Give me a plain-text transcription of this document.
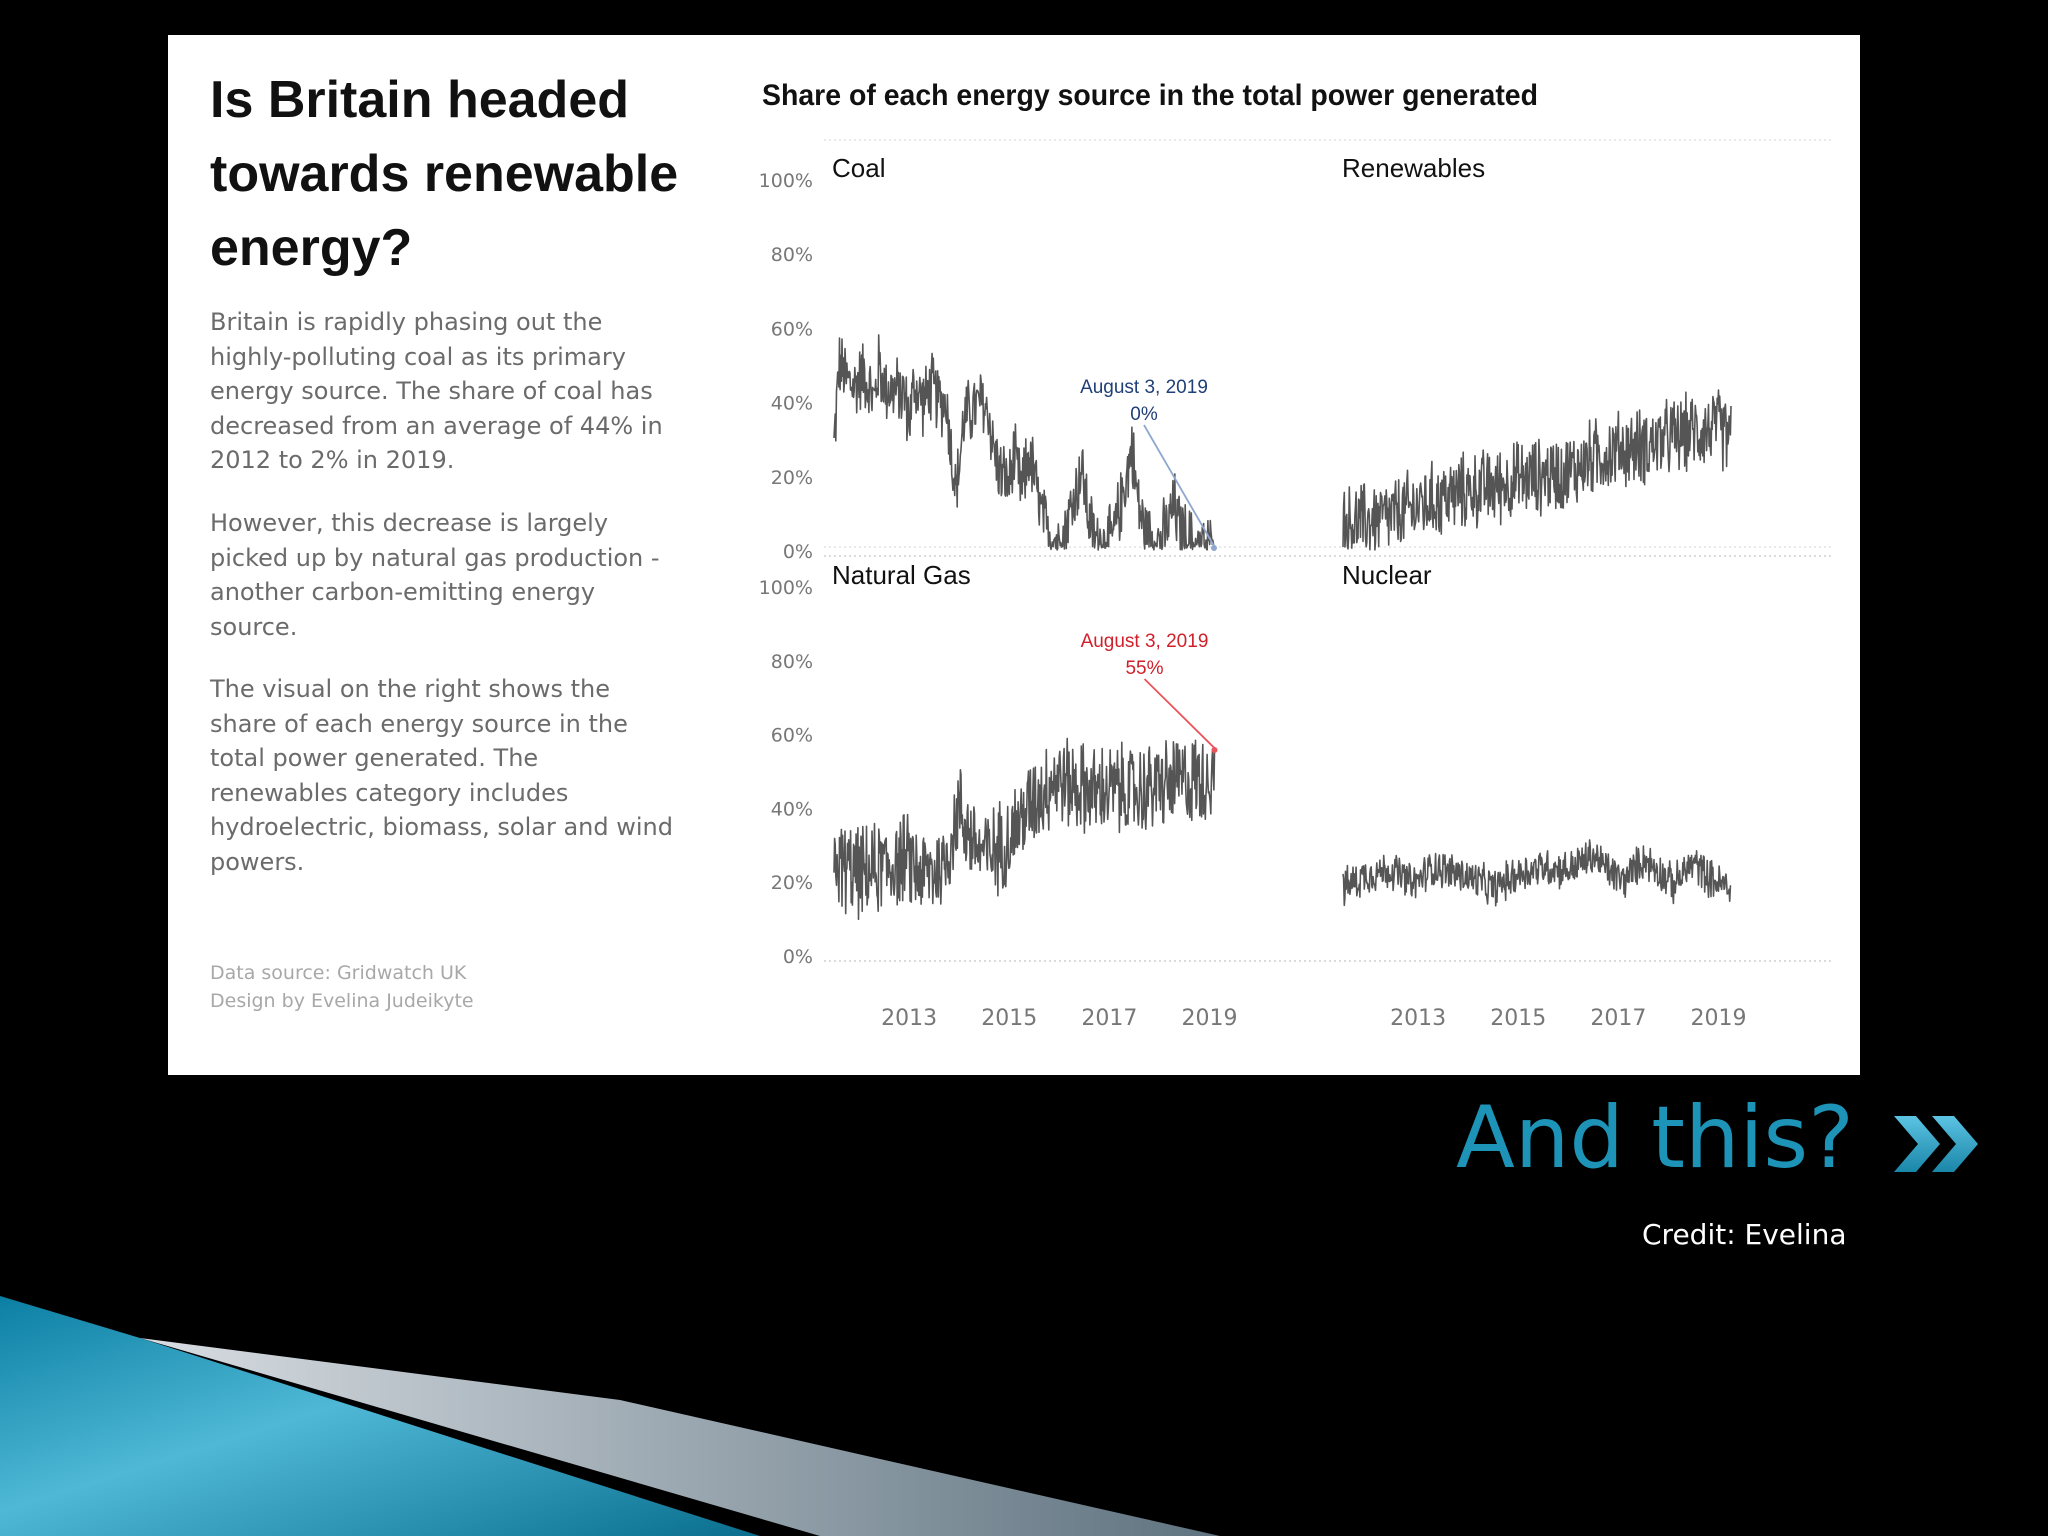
Is Britain headed towards renewable energy?

Britain is rapidly phasing out the highly-polluting coal as its primary energy source. The share of coal has decreased from an average of 44% in 2012 to 2% in 2019.

However, this decrease is largely picked up by natural gas production - another carbon-emitting energy source.

The visual on the right shows the share of each energy source in the total power generated. The renewables category includes hydroelectric, biomass, solar and wind powers.

Data source: Gridwatch UK
Design by Evelina Judeikyte
Share of each energy source in the total power generated
100%
80%
60%
40%
20%
0%
100%
80%
60%
40%
20%
0%
Coal
August 3, 2019
0%
Renewables
Natural Gas
2013 2015 2017 2019
August 3, 2019
55%
Nuclear
2013 2015 2017 2019

And this?

Credit: Evelina
